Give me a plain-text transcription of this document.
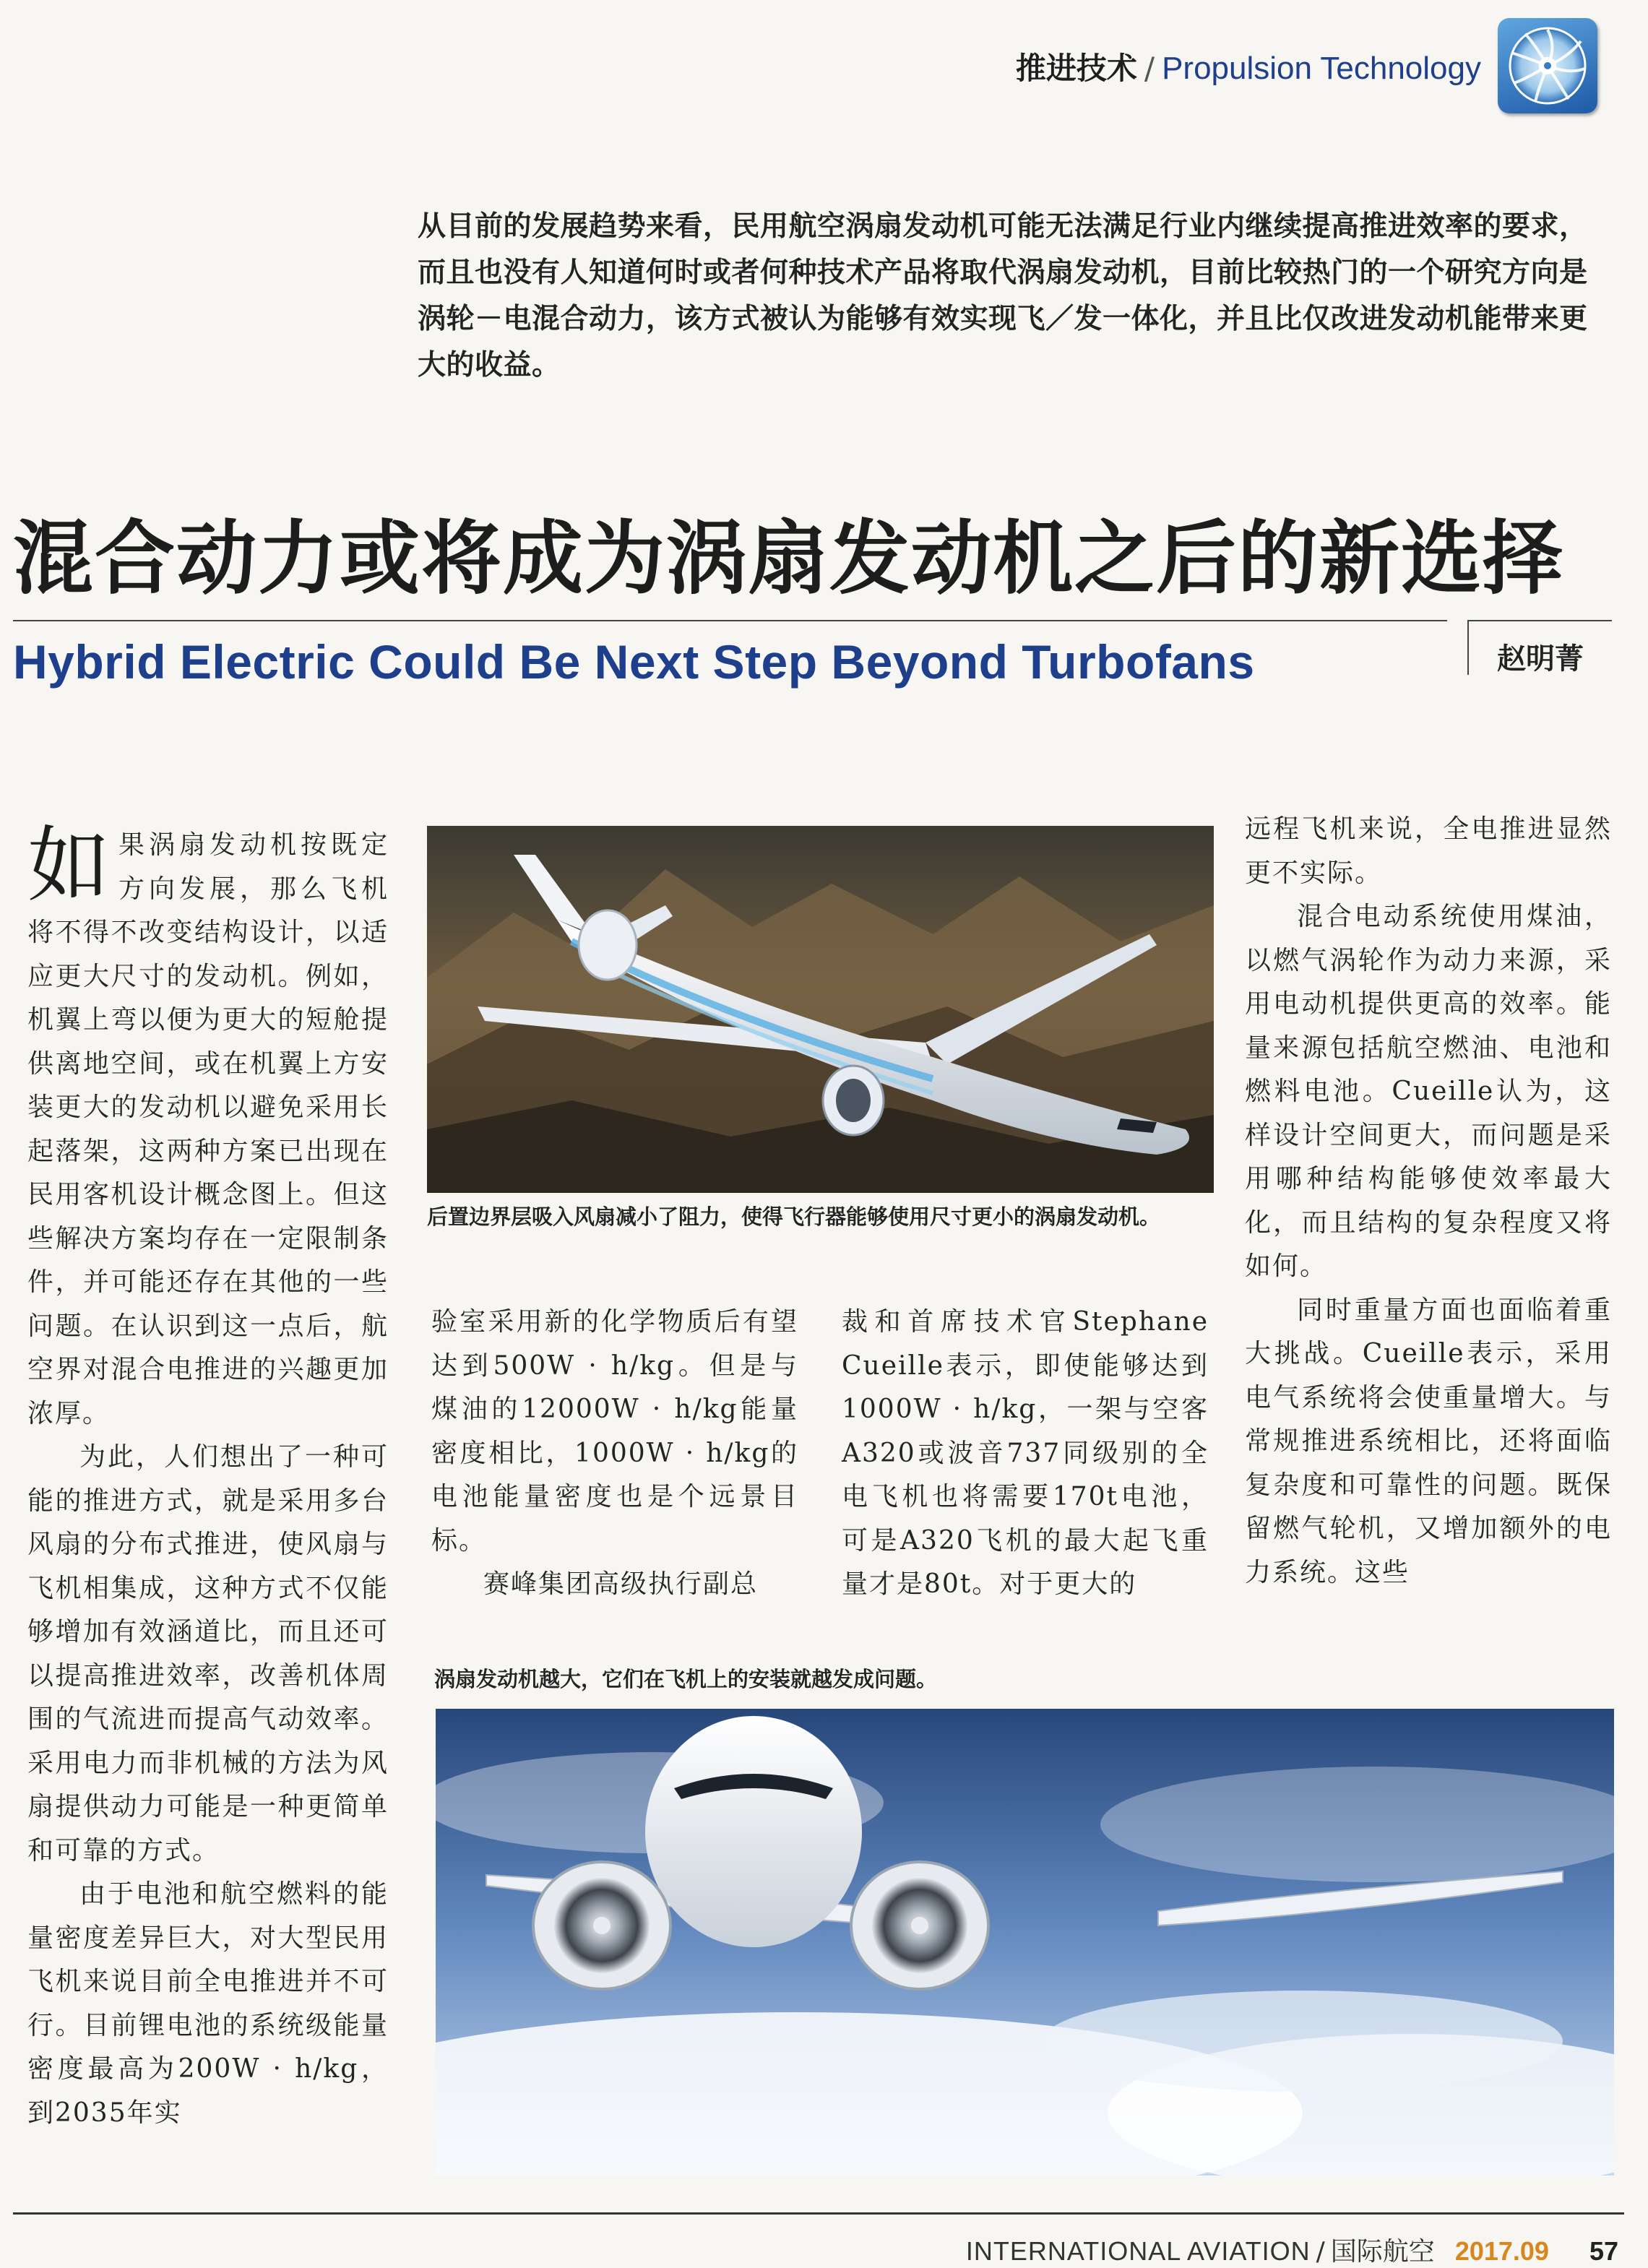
推进技术 / Propulsion Technology
从目前的发展趋势来看，民用航空涡扇发动机可能无法满足行业内继续提高推进效率的要求，而且也没有人知道何时或者何种技术产品将取代涡扇发动机，目前比较热门的一个研究方向是涡轮－电混合动力，该方式被认为能够有效实现飞／发一体化，并且比仅改进发动机能带来更大的收益。
混合动力或将成为涡扇发动机之后的新选择
Hybrid Electric Could Be Next Step Beyond Turbofans	赵明菁

如果涡扇发动机按既定方向发展，那么飞机将不得不改变结构设计，以适应更大尺寸的发动机。例如，机翼上弯以便为更大的短舱提供离地空间，或在机翼上方安装更大的发动机以避免采用长起落架，这两种方案已出现在民用客机设计概念图上。但这些解决方案均存在一定限制条件，并可能还存在其他的一些问题。在认识到这一点后，航空界对混合电推进的兴趣更加浓厚。

为此，人们想出了一种可能的推进方式，就是采用多台风扇的分布式推进，使风扇与飞机相集成，这种方式不仅能够增加有效涵道比，而且还可以提高推进效率，改善机体周围的气流进而提高气动效率。采用电力而非机械的方法为风扇提供动力可能是一种更简单和可靠的方式。

由于电池和航空燃料的能量密度差异巨大，对大型民用飞机来说目前全电推进并不可行。目前锂电池的系统级能量密度最高为200W · h/kg，到2035年实

后置边界层吸入风扇减小了阻力，使得飞行器能够使用尺寸更小的涡扇发动机。

验室采用新的化学物质后有望达到500W · h/kg。但是与煤油的12000W · h/kg能量密度相比，1000W · h/kg的电池能量密度也是个远景目标。

赛峰集团高级执行副总

裁和首席技术官Stephane Cueille表示，即使能够达到1000W · h/kg，一架与空客A320或波音737同级别的全电飞机也将需要170t电池，可是A320飞机的最大起飞重量才是80t。对于更大的

远程飞机来说，全电推进显然更不实际。

混合电动系统使用煤油，以燃气涡轮作为动力来源，采用电动机提供更高的效率。能量来源包括航空燃油、电池和燃料电池。Cueille认为，这样设计空间更大，而问题是采用哪种结构能够使效率最大化，而且结构的复杂程度又将如何。

同时重量方面也面临着重大挑战。Cueille表示，采用电气系统将会使重量增大。与常规推进系统相比，还将面临复杂度和可靠性的问题。既保留燃气轮机，又增加额外的电力系统。这些

涡扇发动机越大，它们在飞机上的安装就越发成问题。
INTERNATIONAL AVIATION / 国际航空 2017.09 57
